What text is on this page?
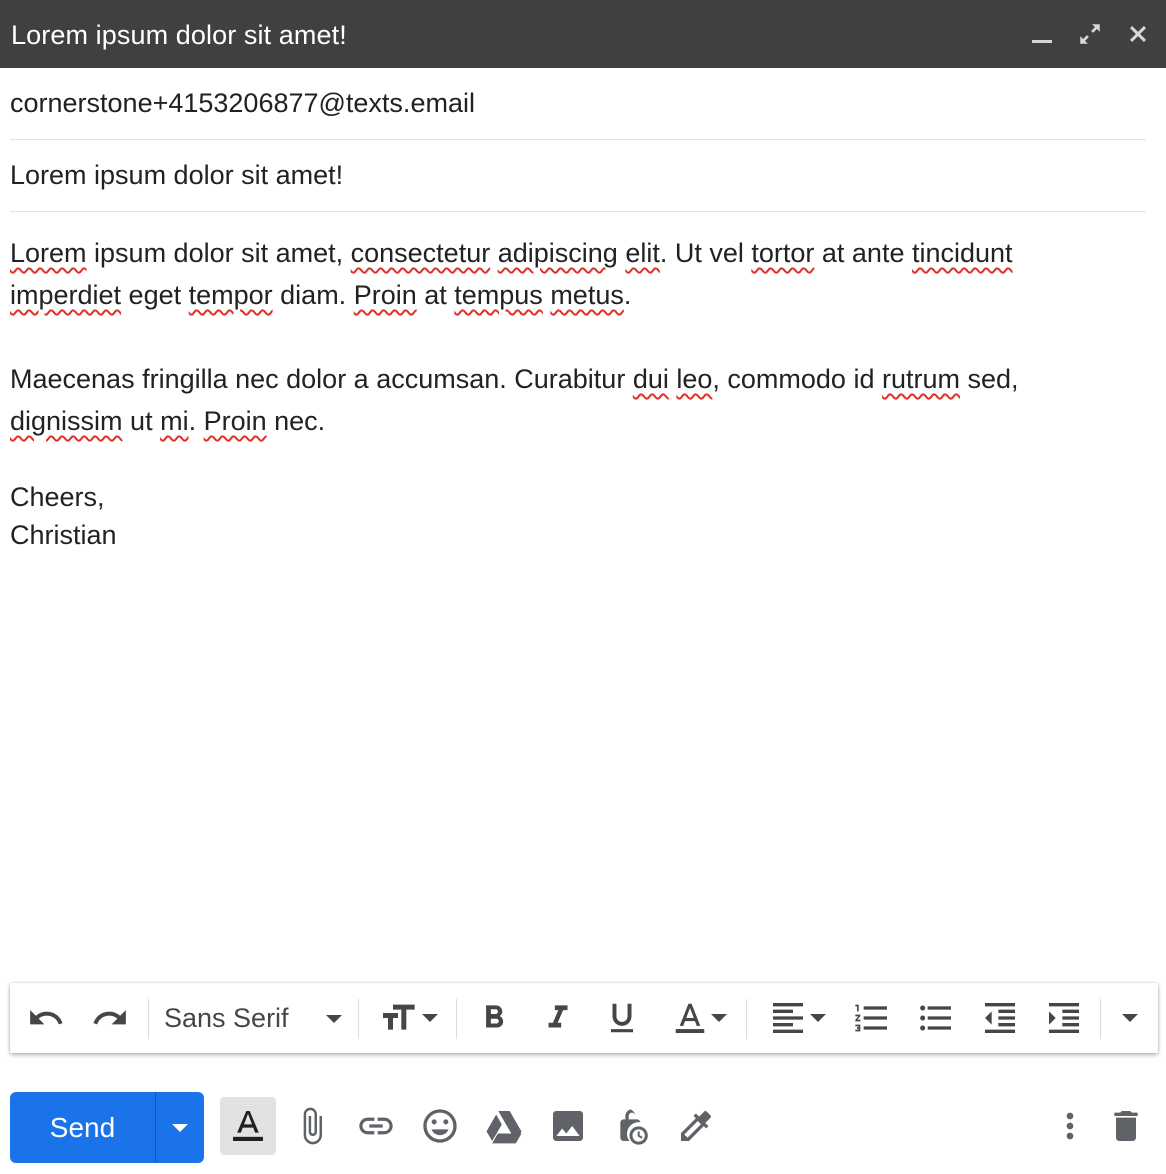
Lorem ipsum dolor sit amet!
cornerstone+4153206877@texts.email
Lorem ipsum dolor sit amet!

Lorem ipsum dolor sit amet, consectetur adipiscing elit. Ut vel tortor at ante tincidunt imperdiet eget tempor diam. Proin at tempus metus.

Maecenas fringilla nec dolor a accumsan. Curabitur dui leo, commodo id rutrum sed, dignissim ut mi. Proin nec.

Cheers,

Christian

Sans Serif
Send
